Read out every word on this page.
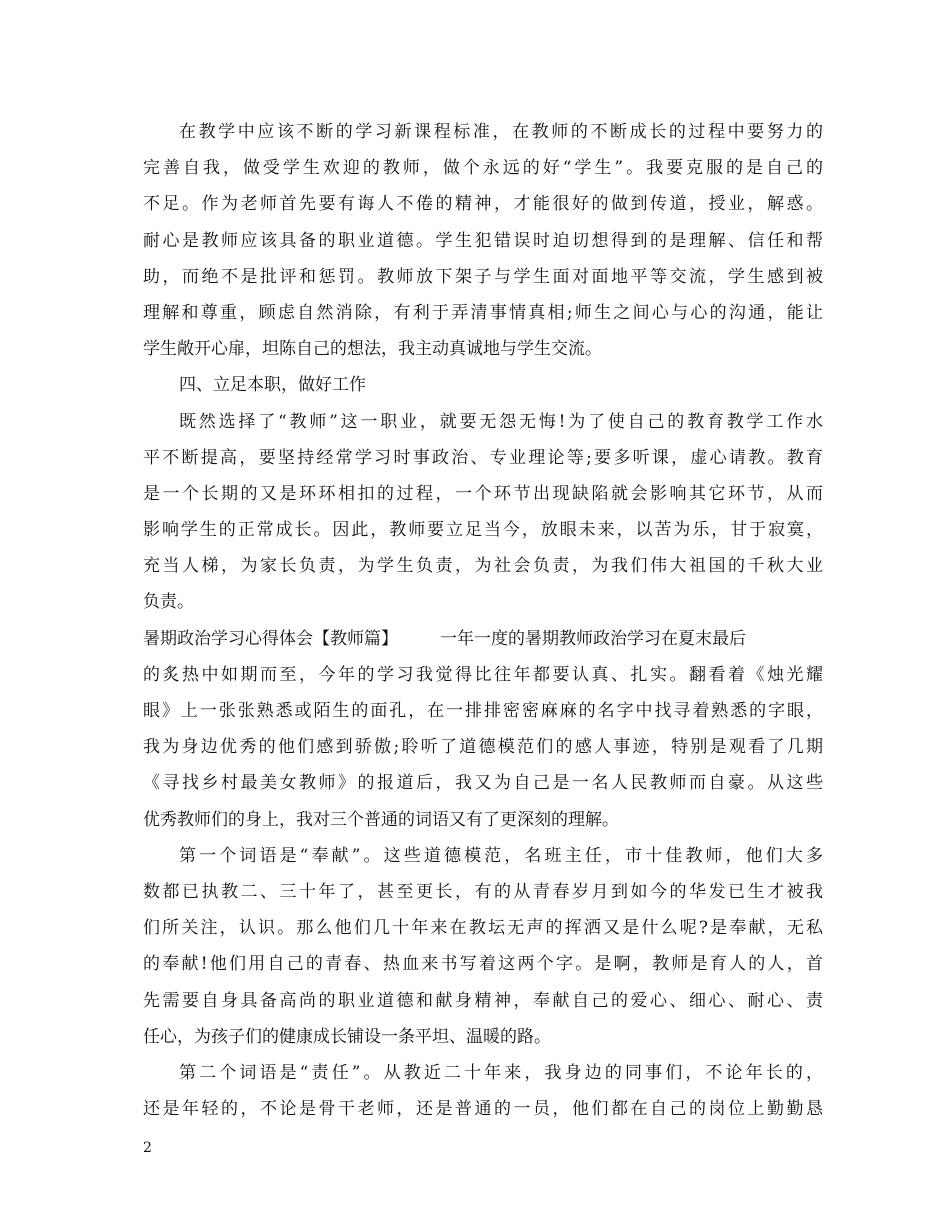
在教学中应该不断的学习新课程标准，在教师的不断成长的过程中要努力的
完善自我，做受学生欢迎的教师，做个永远的好“学生”。我要克服的是自己的
不足。作为老师首先要有诲人不倦的精神，才能很好的做到传道，授业，解惑。
耐心是教师应该具备的职业道德。学生犯错误时迫切想得到的是理解、信任和帮
助，而绝不是批评和惩罚。教师放下架子与学生面对面地平等交流，学生感到被
理解和尊重，顾虑自然消除，有利于弄清事情真相;师生之间心与心的沟通，能让
学生敞开心扉，坦陈自己的想法，我主动真诚地与学生交流。
四、立足本职，做好工作
既然选择了“教师”这一职业，就要无怨无悔!为了使自己的教育教学工作水
平不断提高，要坚持经常学习时事政治、专业理论等;要多听课，虚心请教。教育
是一个长期的又是环环相扣的过程，一个环节出现缺陷就会影响其它环节，从而
影响学生的正常成长。因此，教师要立足当今，放眼未来，以苦为乐，甘于寂寞，
充当人梯，为家长负责，为学生负责，为社会负责，为我们伟大祖国的千秋大业
负责。
暑期政治学习心得体会【教师篇】 一年一度的暑期教师政治学习在夏末最后
的炙热中如期而至，今年的学习我觉得比往年都要认真、扎实。翻看着《烛光耀
眼》上一张张熟悉或陌生的面孔，在一排排密密麻麻的名字中找寻着熟悉的字眼，
我为身边优秀的他们感到骄傲;聆听了道德模范们的感人事迹，特别是观看了几期
《寻找乡村最美女教师》的报道后，我又为自己是一名人民教师而自豪。从这些
优秀教师们的身上，我对三个普通的词语又有了更深刻的理解。
第一个词语是“奉献”。这些道德模范，名班主任，市十佳教师，他们大多
数都已执教二、三十年了，甚至更长，有的从青春岁月到如今的华发已生才被我
们所关注，认识。那么他们几十年来在教坛无声的挥洒又是什么呢?是奉献，无私
的奉献!他们用自己的青春、热血来书写着这两个字。是啊，教师是育人的人，首
先需要自身具备高尚的职业道德和献身精神，奉献自己的爱心、细心、耐心、责
任心，为孩子们的健康成长铺设一条平坦、温暖的路。
第二个词语是“责任”。从教近二十年来，我身边的同事们，不论年长的，
还是年轻的，不论是骨干老师，还是普通的一员，他们都在自己的岗位上勤勤恳
2
